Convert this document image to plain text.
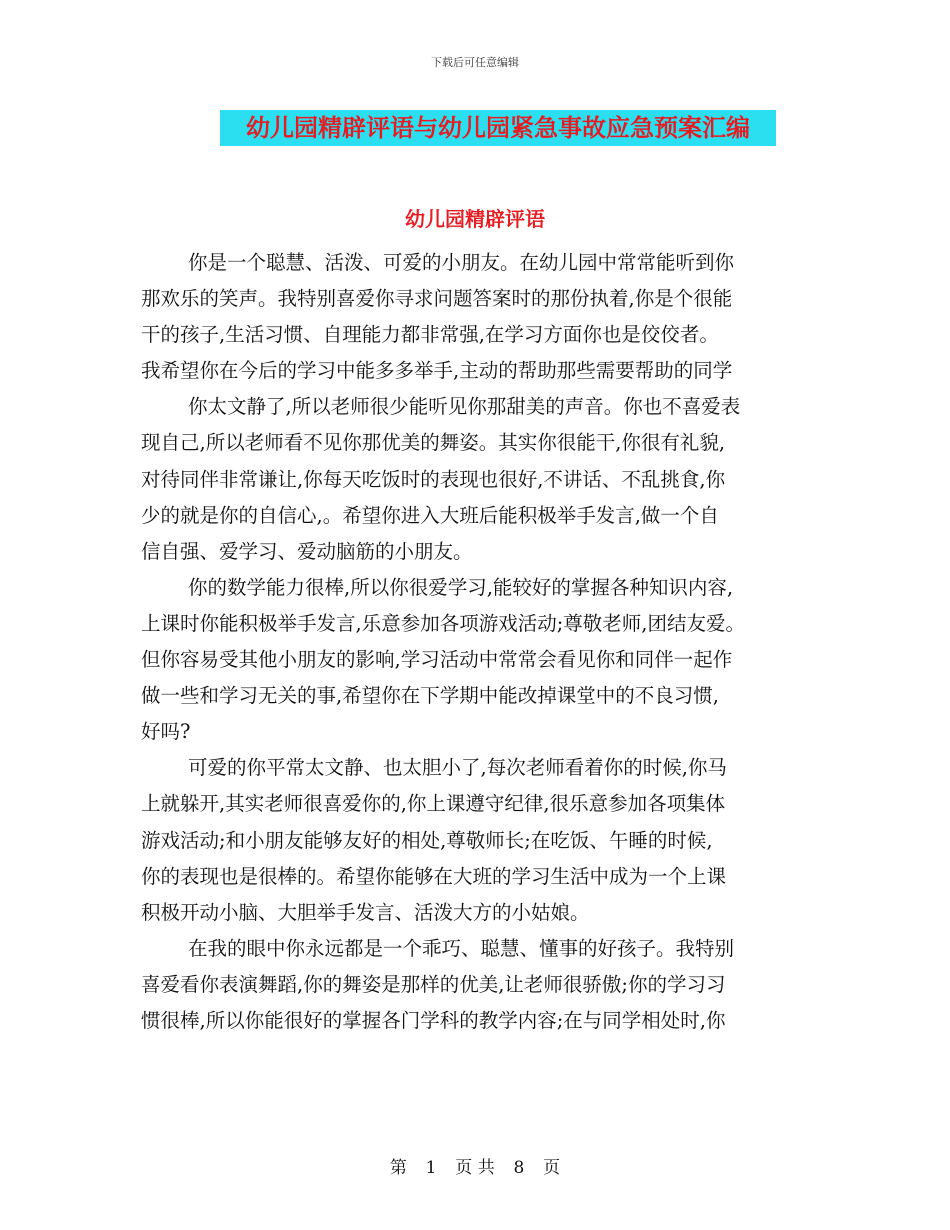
下载后可任意编辑
幼儿园精辟评语与幼儿园紧急事故应急预案汇编
幼儿园精辟评语
你是一个聪慧、活泼、可爱的小朋友。在幼儿园中常常能听到你
那欢乐的笑声。我特别喜爱你寻求问题答案时的那份执着,你是个很能
干的孩子,生活习惯、自理能力都非常强,在学习方面你也是佼佼者。
我希望你在今后的学习中能多多举手,主动的帮助那些需要帮助的同学
你太文静了,所以老师很少能听见你那甜美的声音。你也不喜爱表
现自己,所以老师看不见你那优美的舞姿。其实你很能干,你很有礼貌,
对待同伴非常谦让,你每天吃饭时的表现也很好,不讲话、不乱挑食,你
少的就是你的自信心,。希望你进入大班后能积极举手发言,做一个自
信自强、爱学习、爱动脑筋的小朋友。
你的数学能力很棒,所以你很爱学习,能较好的掌握各种知识内容,
上课时你能积极举手发言,乐意参加各项游戏活动;尊敬老师,团结友爱。
但你容易受其他小朋友的影响,学习活动中常常会看见你和同伴一起作
做一些和学习无关的事,希望你在下学期中能改掉课堂中的不良习惯,
好吗?
可爱的你平常太文静、也太胆小了,每次老师看着你的时候,你马
上就躲开,其实老师很喜爱你的,你上课遵守纪律,很乐意参加各项集体
游戏活动;和小朋友能够友好的相处,尊敬师长;在吃饭、午睡的时候,
你的表现也是很棒的。希望你能够在大班的学习生活中成为一个上课
积极开动小脑、大胆举手发言、活泼大方的小姑娘。
在我的眼中你永远都是一个乖巧、聪慧、懂事的好孩子。我特别
喜爱看你表演舞蹈,你的舞姿是那样的优美,让老师很骄傲;你的学习习
惯很棒,所以你能很好的掌握各门学科的教学内容;在与同学相处时,你
第 1 页 共 8 页
